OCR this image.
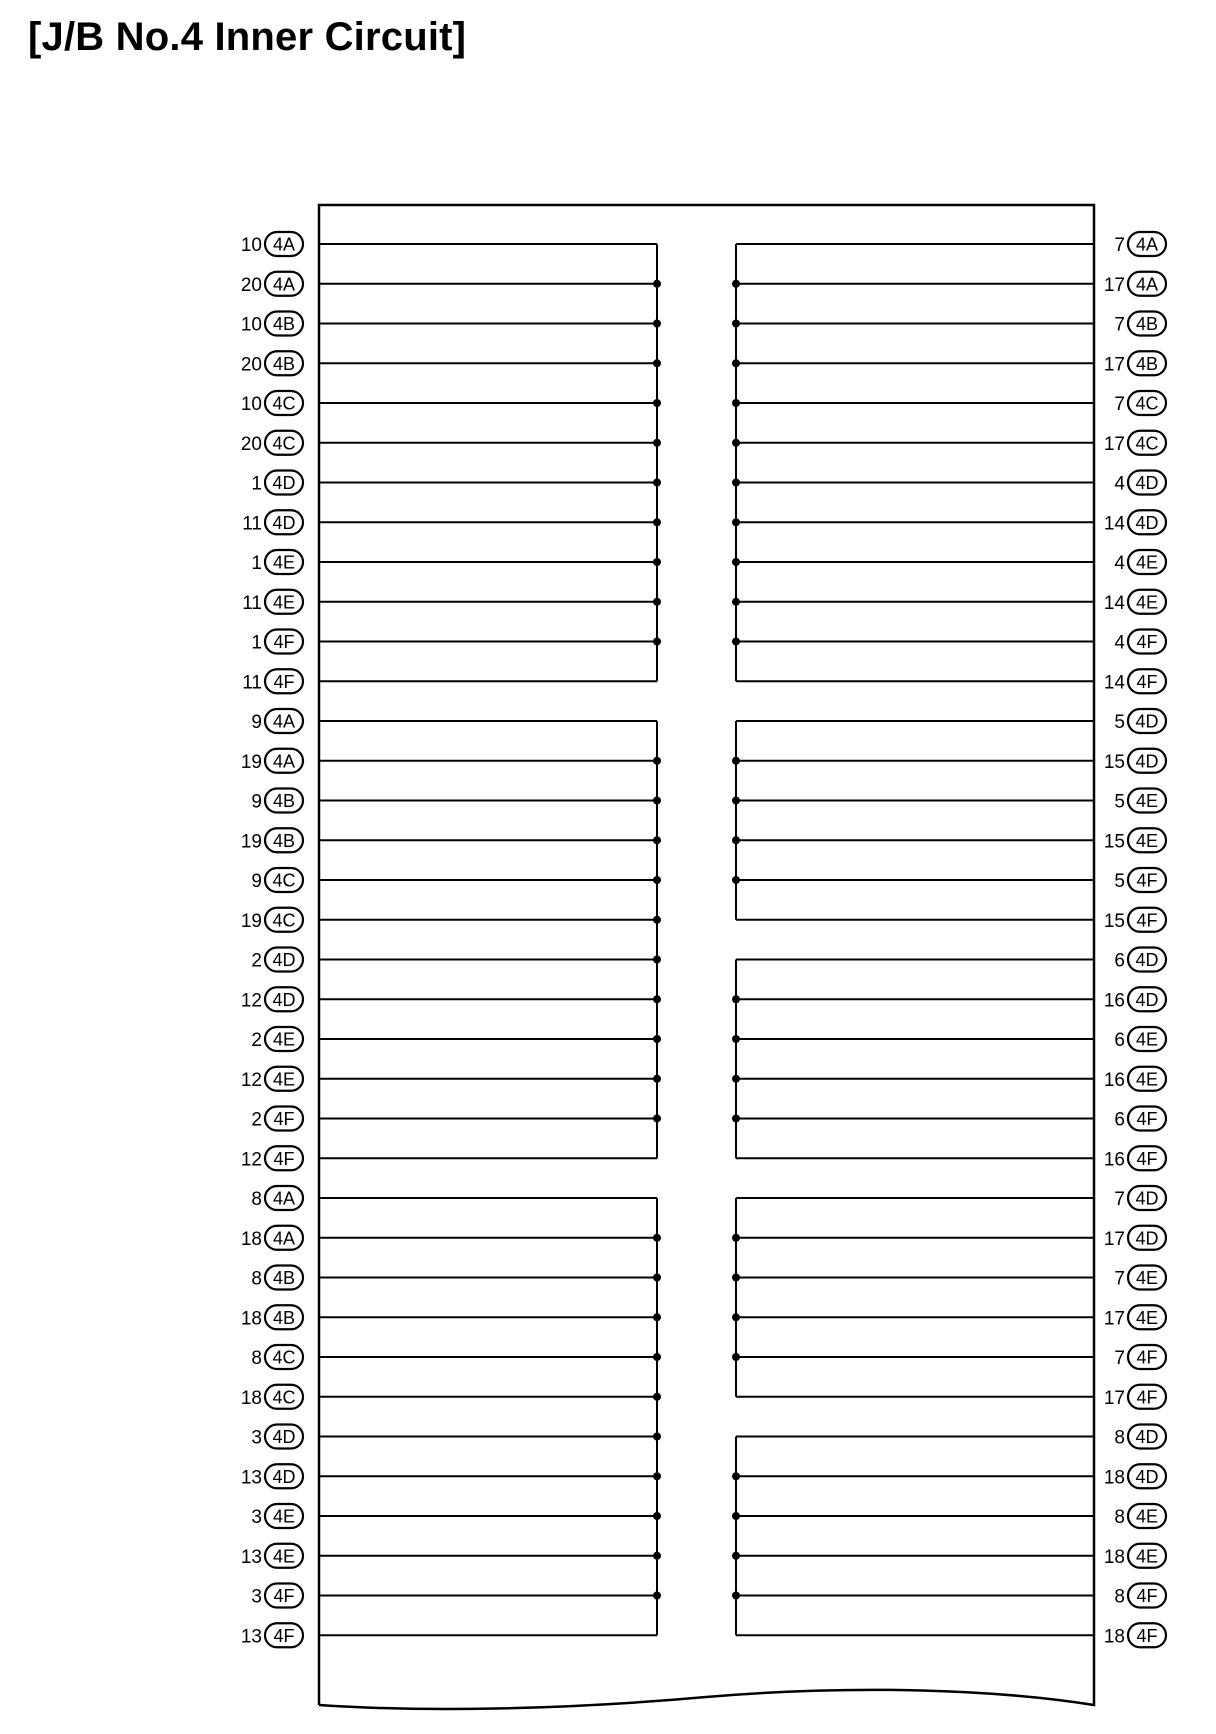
[J/B No.4 Inner Circuit]
4A
10
4A
20
4B
10
4B
20
4C
10
4C
20
4D
1
4D
11
4E
1
4E
11
4F
1
4F
11
4A
9
4A
19
4B
9
4B
19
4C
9
4C
19
4D
2
4D
12
4E
2
4E
12
4F
2
4F
12
4A
8
4A
18
4B
8
4B
18
4C
8
4C
18
4D
3
4D
13
4E
3
4E
13
4F
3
4F
13
4A
7
4A
17
4B
7
4B
17
4C
7
4C
17
4D
4
4D
14
4E
4
4E
14
4F
4
4F
14
4D
5
4D
15
4E
5
4E
15
4F
5
4F
15
4D
6
4D
16
4E
6
4E
16
4F
6
4F
16
4D
7
4D
17
4E
7
4E
17
4F
7
4F
17
4D
8
4D
18
4E
8
4E
18
4F
8
4F
18
